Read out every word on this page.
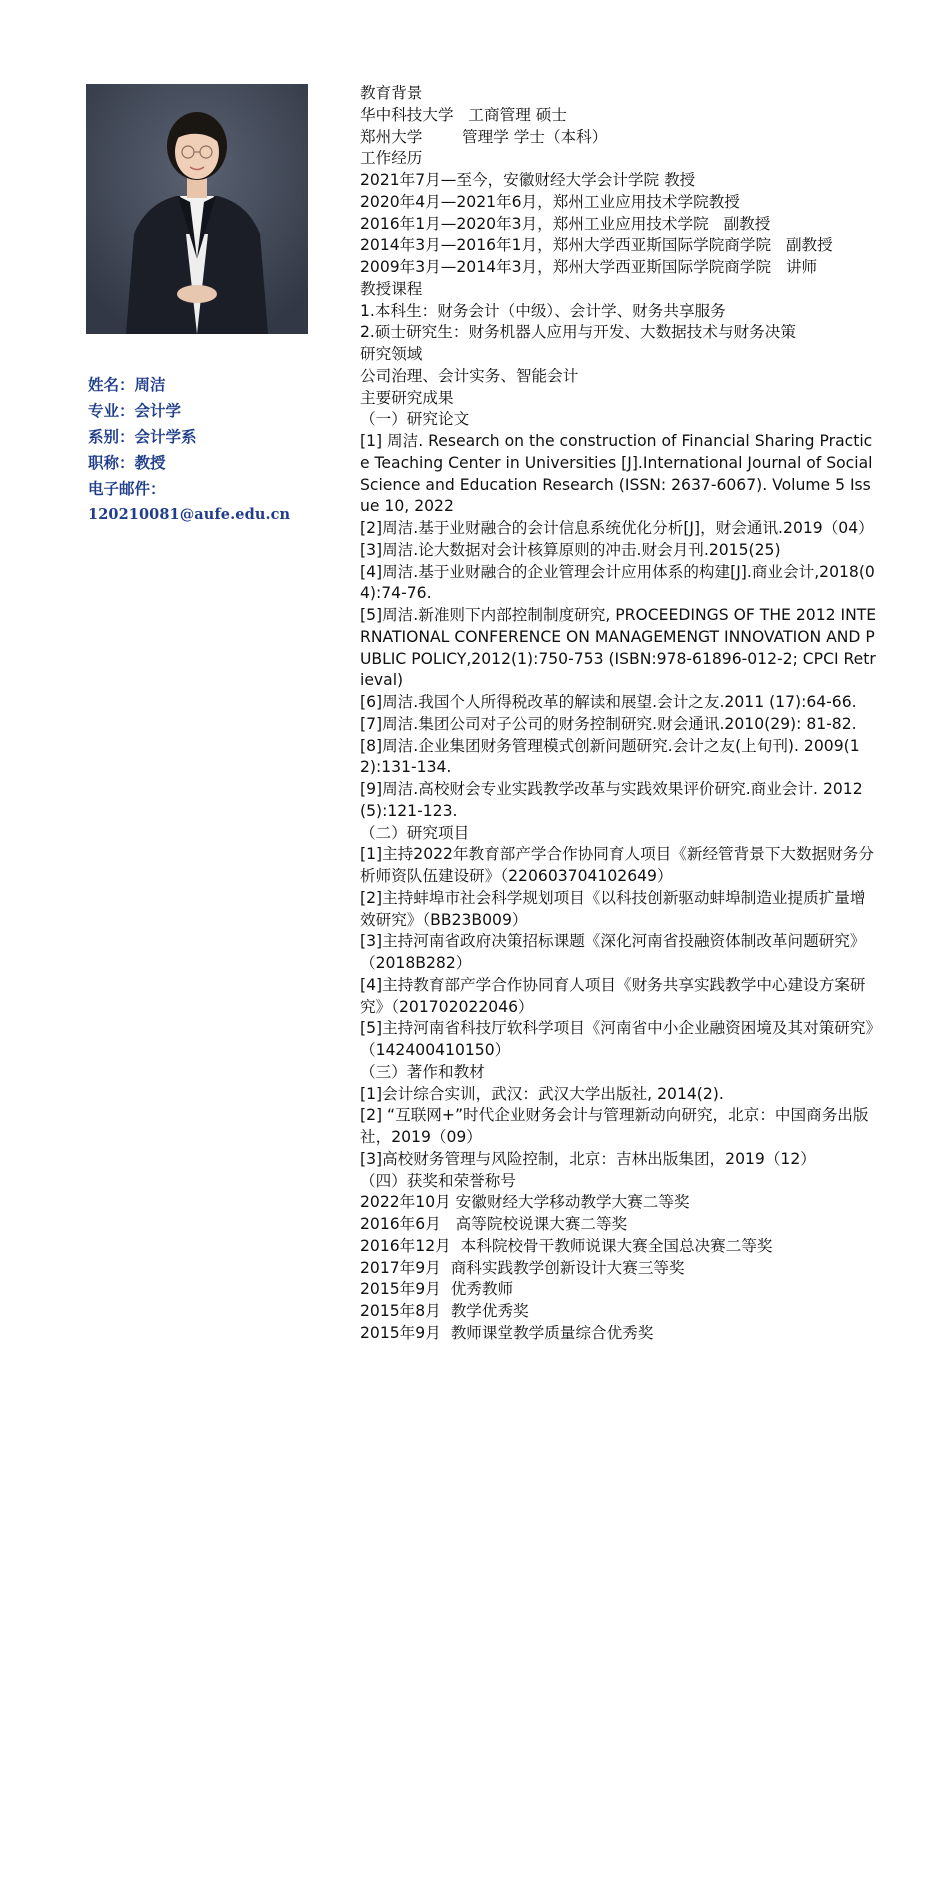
姓名：周洁
专业：会计学
系别：会计学系
职称：教授
电子邮件：
120210081@aufe.edu.cn
教育背景
华中科技大学   工商管理 硕士
郑州大学        管理学 学士（本科）
工作经历
2021年7月—至今，安徽财经大学会计学院 教授
2020年4月—2021年6月，郑州工业应用技术学院教授
2016年1月—2020年3月，郑州工业应用技术学院   副教授
2014年3月—2016年1月，郑州大学西亚斯国际学院商学院   副教授
2009年3月—2014年3月，郑州大学西亚斯国际学院商学院   讲师
教授课程
1.本科生：财务会计（中级）、会计学、财务共享服务
2.硕士研究生：财务机器人应用与开发、大数据技术与财务决策
研究领域
公司治理、会计实务、智能会计
主要研究成果
（一）研究论文
[1] 周洁. Research on the construction of Financial Sharing Practice Teaching Center in Universities [J].International Journal of Social Science and Education Research (ISSN: 2637-6067). Volume 5 Issue 10, 2022
[2]周洁.基于业财融合的会计信息系统优化分析[J]，财会通讯.2019（04）
[3]周洁.论大数据对会计核算原则的冲击.财会月刊.2015(25)
[4]周洁.基于业财融合的企业管理会计应用体系的构建[J].商业会计,2018(04):74-76.
[5]周洁.新准则下内部控制制度研究, PROCEEDINGS OF THE 2012 INTERNATIONAL CONFERENCE ON MANAGEMENGT INNOVATION AND PUBLIC POLICY,2012(1):750-753 (ISBN:978-61896-012-2; CPCI Retrieval)
[6]周洁.我国个人所得税改革的解读和展望.会计之友.2011 (17):64-66.
[7]周洁.集团公司对子公司的财务控制研究.财会通讯.2010(29): 81-82.
[8]周洁.企业集团财务管理模式创新问题研究.会计之友(上旬刊). 2009(12):131-134.
[9]周洁.高校财会专业实践教学改革与实践效果评价研究.商业会计. 2012(5):121-123.
（二）研究项目
[1]主持2022年教育部产学合作协同育人项目《新经管背景下大数据财务分析师资队伍建设研》（220603704102649）
[2]主持蚌埠市社会科学规划项目《以科技创新驱动蚌埠制造业提质扩量增效研究》（BB23B009）
[3]主持河南省政府决策招标课题《深化河南省投融资体制改革问题研究》（2018B282）
[4]主持教育部产学合作协同育人项目《财务共享实践教学中心建设方案研究》（201702022046）
[5]主持河南省科技厅软科学项目《河南省中小企业融资困境及其对策研究》（142400410150）
（三）著作和教材
[1]会计综合实训，武汉：武汉大学出版社, 2014(2).
[2] “互联网+”时代企业财务会计与管理新动向研究，北京：中国商务出版社，2019（09）
[3]高校财务管理与风险控制，北京：吉林出版集团，2019（12）
（四）获奖和荣誉称号
2022年10月 安徽财经大学移动教学大赛二等奖
2016年6月   高等院校说课大赛二等奖
2016年12月  本科院校骨干教师说课大赛全国总决赛二等奖
2017年9月  商科实践教学创新设计大赛三等奖
2015年9月  优秀教师
2015年8月  教学优秀奖
2015年9月  教师课堂教学质量综合优秀奖
